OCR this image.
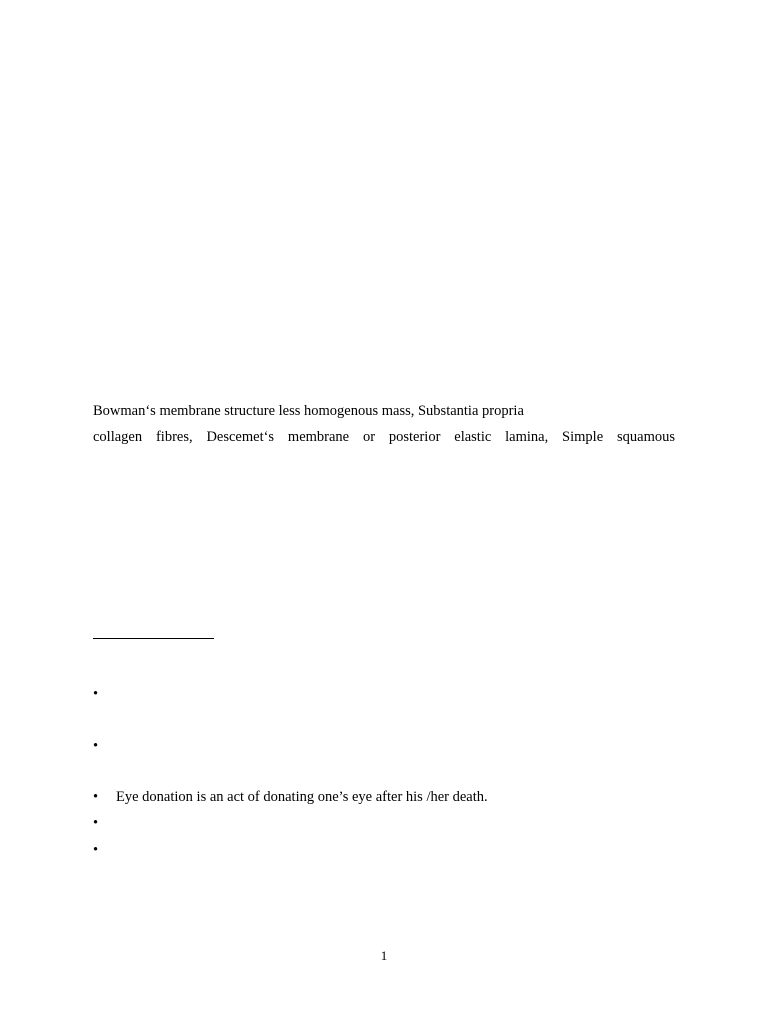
Bowman‘s membrane structure less homogenous mass, Substantia propria
collagen fibres, Descemet‘s membrane or posterior elastic lamina, Simple squamous
•
•
• Eye donation is an act of donating one’s eye after his /her death.
•
•
1
